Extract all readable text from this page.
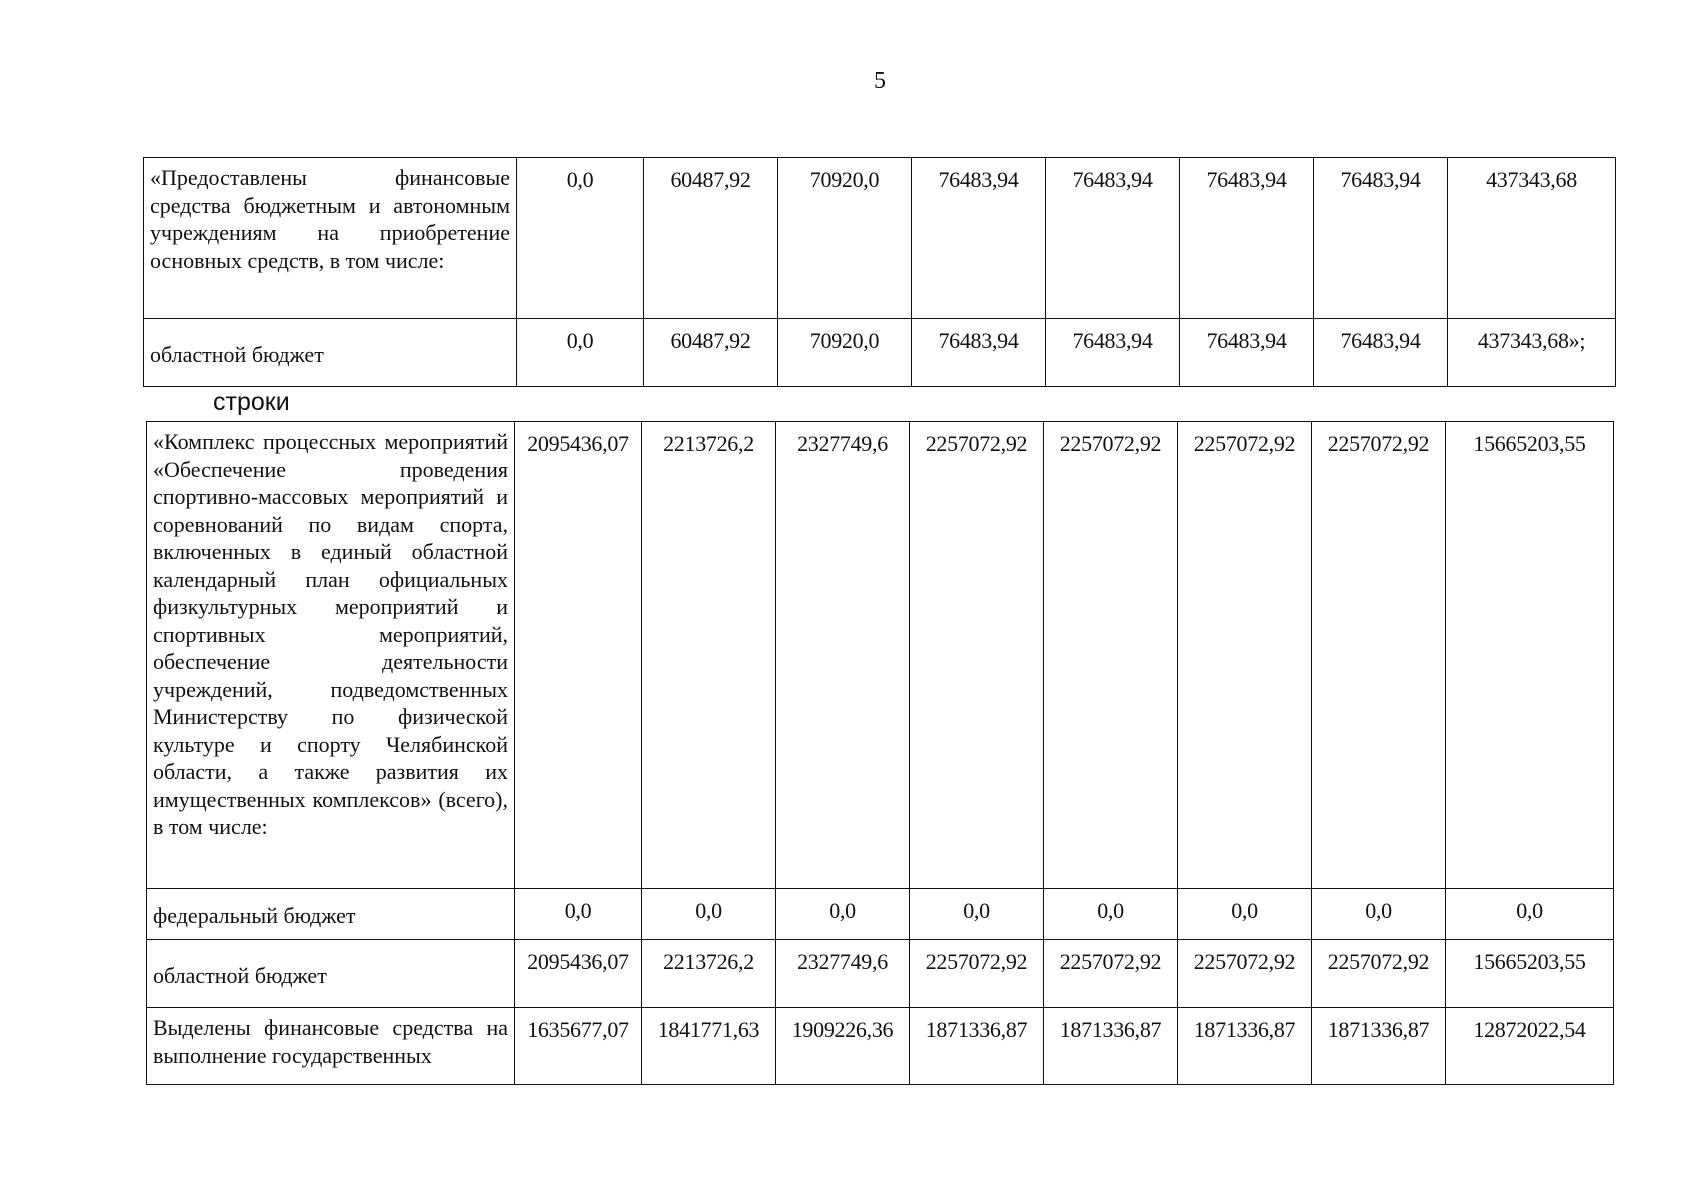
5
«Предоставлены финансовые средства бюджетным и автономным учреждениям на приобретение основных средств, в том числе:	0,0	60487,92	70920,0	76483,94	76483,94	76483,94	76483,94	437343,68
областной бюджет	0,0	60487,92	70920,0	76483,94	76483,94	76483,94	76483,94	437343,68»;
строки
«Комплекс процессных мероприятий «Обеспечение проведения спортивно-массовых мероприятий и соревнований по видам спорта, включенных в единый областной календарный план официальных физкультурных мероприятий и спортивных мероприятий, обеспечение деятельности учреждений, подведомственных Министерству по физической культуре и спорту Челябинской области, а также развития их имущественных комплексов» (всего), в том числе:	2095436,07	2213726,2	2327749,6	2257072,92	2257072,92	2257072,92	2257072,92	15665203,55
федеральный бюджет	0,0	0,0	0,0	0,0	0,0	0,0	0,0	0,0
областной бюджет	2095436,07	2213726,2	2327749,6	2257072,92	2257072,92	2257072,92	2257072,92	15665203,55
Выделены финансовые средства на выполнение государственных	1635677,07	1841771,63	1909226,36	1871336,87	1871336,87	1871336,87	1871336,87	12872022,54
